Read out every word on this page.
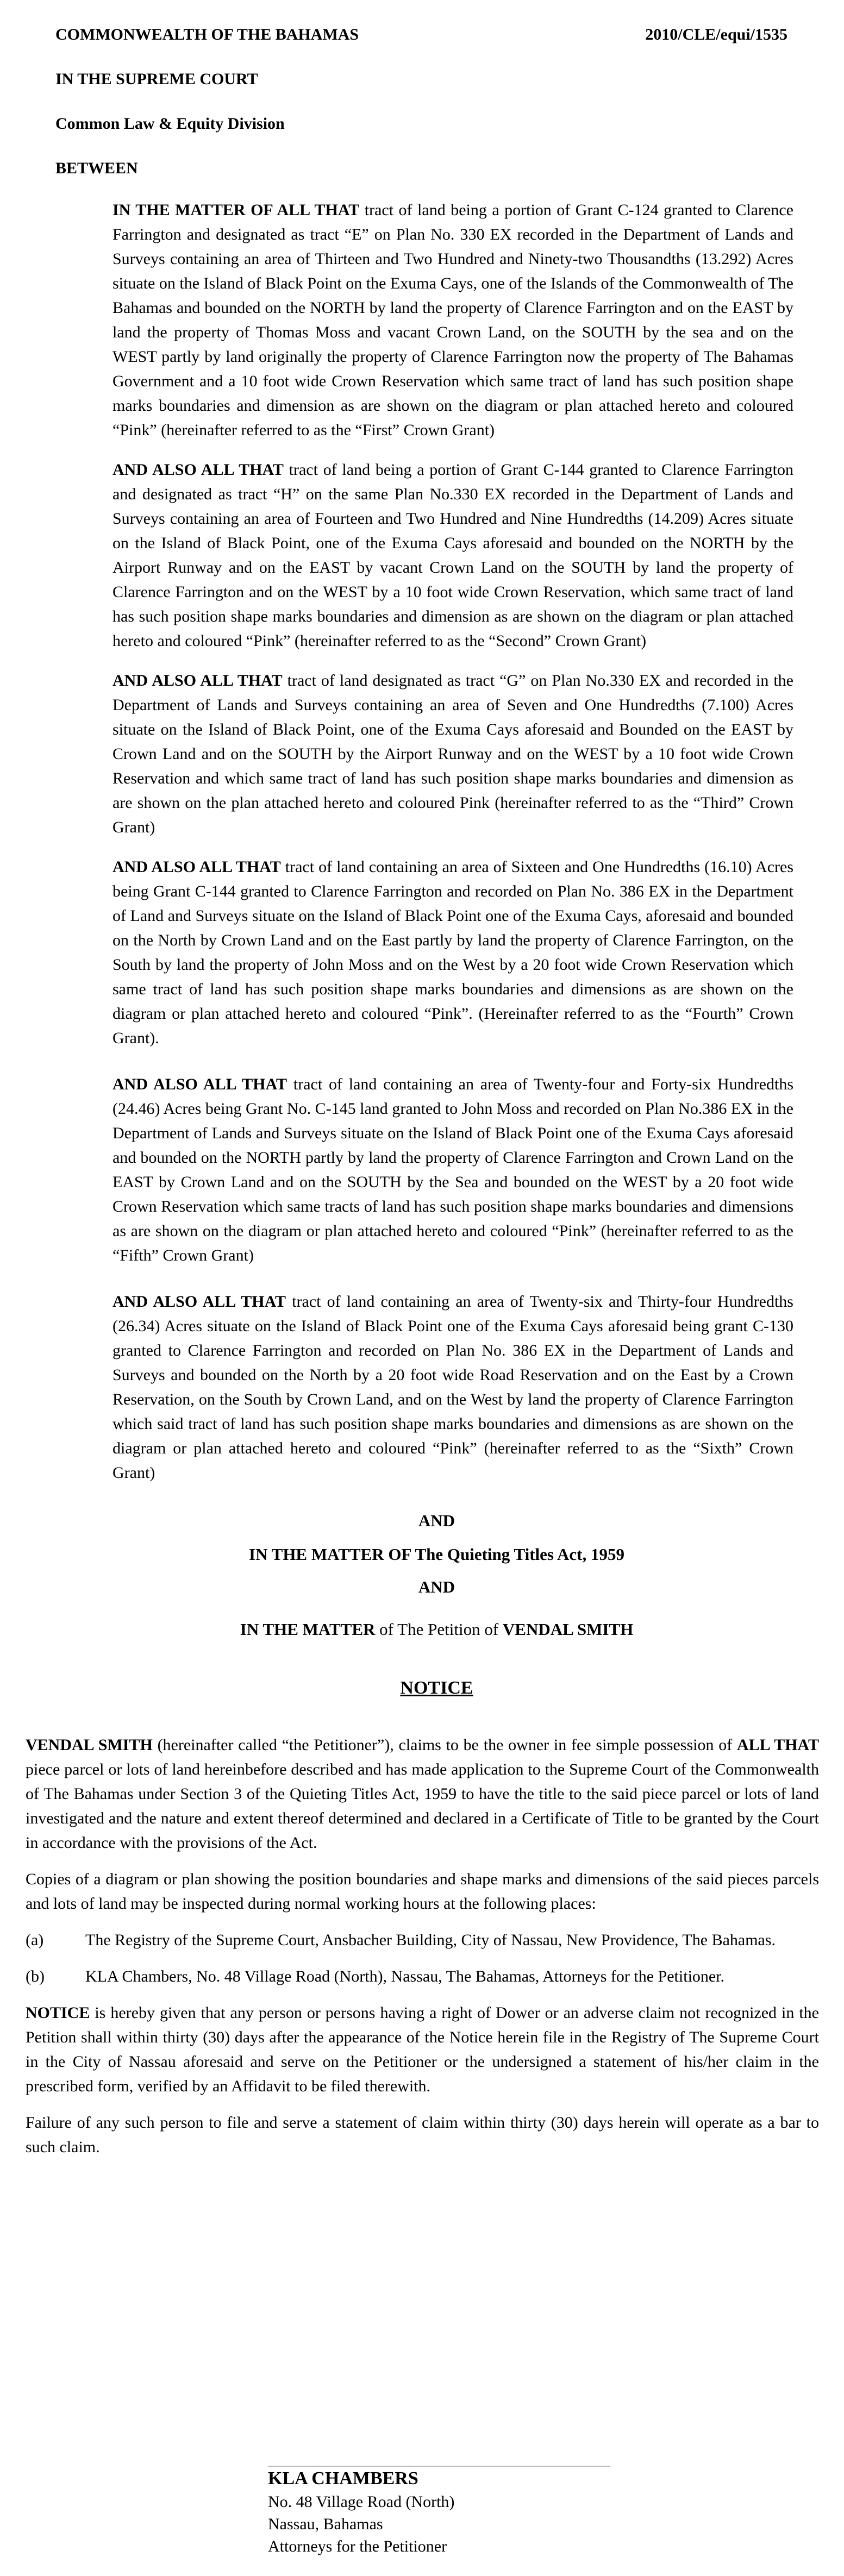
COMMONWEALTH OF THE BAHAMAS	2010/CLE/equi/1535
IN THE SUPREME COURT
Common Law & Equity Division
BETWEEN

IN THE MATTER OF ALL THAT tract of land being a portion of Grant C-124 granted to Clarence Farrington and designated as tract “E” on Plan No. 330 EX recorded in the Department of Lands and Surveys containing an area of Thirteen and Two Hundred and Ninety-two Thousandths (13.292) Acres situate on the Island of Black Point on the Exuma Cays, one of the Islands of the Commonwealth of The Bahamas and bounded on the NORTH by land the property of Clarence Farrington and on the EAST by land the property of Thomas Moss and vacant Crown Land, on the SOUTH by the sea and on the WEST partly by land originally the property of Clarence Farrington now the property of The Bahamas Government and a 10 foot wide Crown Reservation which same tract of land has such position shape marks boundaries and dimension as are shown on the diagram or plan attached hereto and coloured “Pink” (hereinafter referred to as the “First” Crown Grant)

AND ALSO ALL THAT tract of land being a portion of Grant C-144 granted to Clarence Farrington and designated as tract “H” on the same Plan No.330 EX recorded in the Department of Lands and Surveys containing an area of Fourteen and Two Hundred and Nine Hundredths (14.209) Acres situate on the Island of Black Point, one of the Exuma Cays aforesaid and bounded on the NORTH by the Airport Runway and on the EAST by vacant Crown Land on the SOUTH by land the property of Clarence Farrington and on the WEST by a 10 foot wide Crown Reservation, which same tract of land has such position shape marks boundaries and dimension as are shown on the diagram or plan attached hereto and coloured “Pink” (hereinafter referred to as the “Second” Crown Grant)

AND ALSO ALL THAT tract of land designated as tract “G” on Plan No.330 EX and recorded in the Department of Lands and Surveys containing an area of Seven and One Hundredths (7.100) Acres situate on the Island of Black Point, one of the Exuma Cays aforesaid and Bounded on the EAST by Crown Land and on the SOUTH by the Airport Runway and on the WEST by a 10 foot wide Crown Reservation and which same tract of land has such position shape marks boundaries and dimension as are shown on the plan attached hereto and coloured Pink (hereinafter referred to as the “Third” Crown Grant)

AND ALSO ALL THAT tract of land containing an area of Sixteen and One Hundredths (16.10) Acres being Grant C-144 granted to Clarence Farrington and recorded on Plan No. 386 EX in the Department of Land and Surveys situate on the Island of Black Point one of the Exuma Cays, aforesaid and bounded on the North by Crown Land and on the East partly by land the property of Clarence Farrington, on the South by land the property of John Moss and on the West by a 20 foot wide Crown Reservation which same tract of land has such position shape marks boundaries and dimensions as are shown on the diagram or plan attached hereto and coloured “Pink”. (Hereinafter referred to as the “Fourth” Crown Grant).

AND ALSO ALL THAT tract of land containing an area of Twenty-four and Forty-six Hundredths (24.46) Acres being Grant No. C-145 land granted to John Moss and recorded on Plan No.386 EX in the Department of Lands and Surveys situate on the Island of Black Point one of the Exuma Cays aforesaid and bounded on the NORTH partly by land the property of Clarence Farrington and Crown Land on the EAST by Crown Land and on the SOUTH by the Sea and bounded on the WEST by a 20 foot wide Crown Reservation which same tracts of land has such position shape marks boundaries and dimensions as are shown on the diagram or plan attached hereto and coloured “Pink” (hereinafter referred to as the “Fifth” Crown Grant)

AND ALSO ALL THAT tract of land containing an area of Twenty-six and Thirty-four Hundredths (26.34) Acres situate on the Island of Black Point one of the Exuma Cays aforesaid being grant C-130 granted to Clarence Farrington and recorded on Plan No. 386 EX in the Department of Lands and Surveys and bounded on the North by a 20 foot wide Road Reservation and on the East by a Crown Reservation, on the South by Crown Land, and on the West by land the property of Clarence Farrington which said tract of land has such position shape marks boundaries and dimensions as are shown on the diagram or plan attached hereto and coloured “Pink” (hereinafter referred to as the “Sixth” Crown Grant)

AND
IN THE MATTER OF The Quieting Titles Act, 1959
AND
IN THE MATTER of The Petition of VENDAL SMITH
NOTICE

VENDAL SMITH (hereinafter called “the Petitioner”), claims to be the owner in fee simple possession of ALL THAT piece parcel or lots of land hereinbefore described and has made application to the Supreme Court of the Commonwealth of The Bahamas under Section 3 of the Quieting Titles Act, 1959 to have the title to the said piece parcel or lots of land investigated and the nature and extent thereof determined and declared in a Certificate of Title to be granted by the Court in accordance with the provisions of the Act.

Copies of a diagram or plan showing the position boundaries and shape marks and dimensions of the said pieces parcels and lots of land may be inspected during normal working hours at the following places:

(a)	The Registry of the Supreme Court, Ansbacher Building, City of Nassau, New Providence, The Bahamas.
(b)	KLA Chambers, No. 48 Village Road (North), Nassau, The Bahamas, Attorneys for the Petitioner.

NOTICE is hereby given that any person or persons having a right of Dower or an adverse claim not recognized in the Petition shall within thirty (30) days after the appearance of the Notice herein file in the Registry of The Supreme Court in the City of Nassau aforesaid and serve on the Petitioner or the undersigned a statement of his/her claim in the prescribed form, verified by an Affidavit to be filed therewith.

Failure of any such person to file and serve a statement of claim within thirty (30) days herein will operate as a bar to such claim.

KLA CHAMBERS
No. 48 Village Road (North)
Nassau, Bahamas
Attorneys for the Petitioner
